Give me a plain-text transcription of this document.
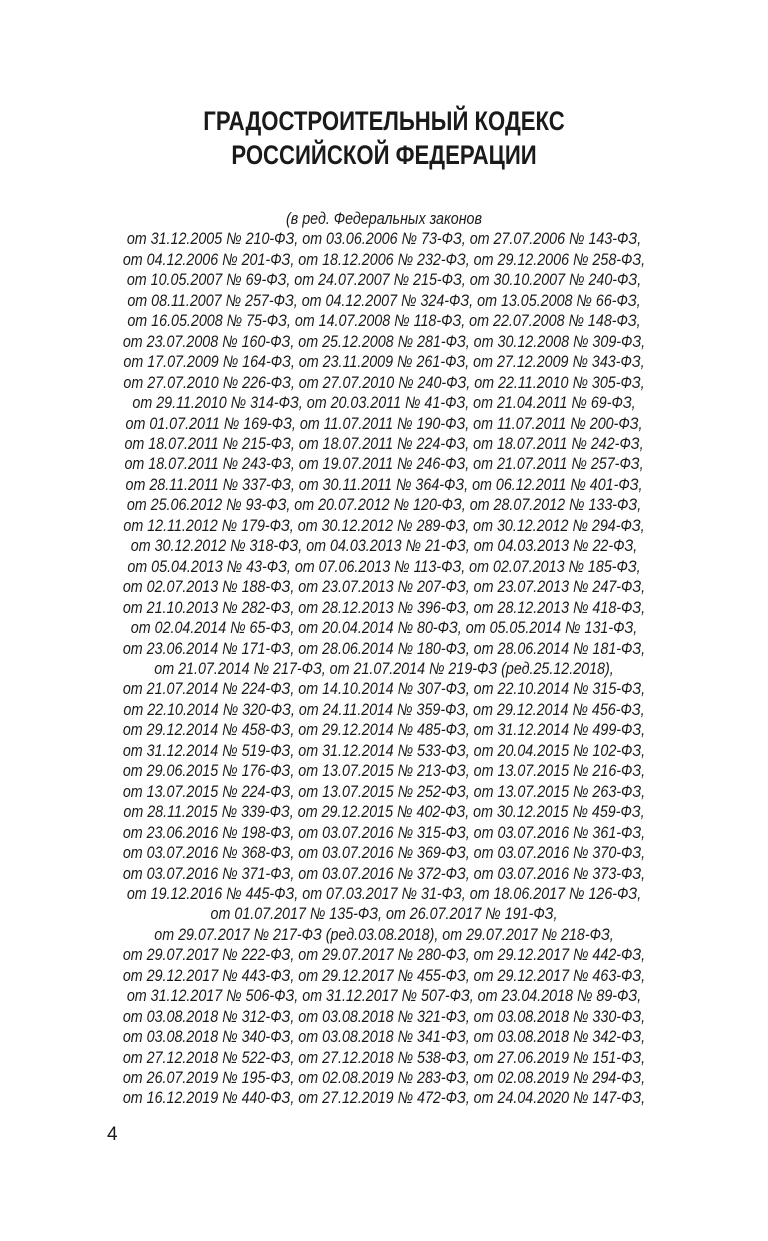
ГРАДОСТРОИТЕЛЬНЫЙ КОДЕКС
РОССИЙСКОЙ ФЕДЕРАЦИИ
(в ред. Федеральных законов
от 31.12.2005 № 210-ФЗ, от 03.06.2006 № 73-ФЗ, от 27.07.2006 № 143-ФЗ,
от 04.12.2006 № 201-ФЗ, от 18.12.2006 № 232-ФЗ, от 29.12.2006 № 258-ФЗ,
от 10.05.2007 № 69-ФЗ, от 24.07.2007 № 215-ФЗ, от 30.10.2007 № 240-ФЗ,
от 08.11.2007 № 257-ФЗ, от 04.12.2007 № 324-ФЗ, от 13.05.2008 № 66-ФЗ,
от 16.05.2008 № 75-ФЗ, от 14.07.2008 № 118-ФЗ, от 22.07.2008 № 148-ФЗ,
от 23.07.2008 № 160-ФЗ, от 25.12.2008 № 281-ФЗ, от 30.12.2008 № 309-ФЗ,
от 17.07.2009 № 164-ФЗ, от 23.11.2009 № 261-ФЗ, от 27.12.2009 № 343-ФЗ,
от 27.07.2010 № 226-ФЗ, от 27.07.2010 № 240-ФЗ, от 22.11.2010 № 305-ФЗ,
от 29.11.2010 № 314-ФЗ, от 20.03.2011 № 41-ФЗ, от 21.04.2011 № 69-ФЗ,
от 01.07.2011 № 169-ФЗ, от 11.07.2011 № 190-ФЗ, от 11.07.2011 № 200-ФЗ,
от 18.07.2011 № 215-ФЗ, от 18.07.2011 № 224-ФЗ, от 18.07.2011 № 242-ФЗ,
от 18.07.2011 № 243-ФЗ, от 19.07.2011 № 246-ФЗ, от 21.07.2011 № 257-ФЗ,
от 28.11.2011 № 337-ФЗ, от 30.11.2011 № 364-ФЗ, от 06.12.2011 № 401-ФЗ,
от 25.06.2012 № 93-ФЗ, от 20.07.2012 № 120-ФЗ, от 28.07.2012 № 133-ФЗ,
от 12.11.2012 № 179-ФЗ, от 30.12.2012 № 289-ФЗ, от 30.12.2012 № 294-ФЗ,
от 30.12.2012 № 318-ФЗ, от 04.03.2013 № 21-ФЗ, от 04.03.2013 № 22-ФЗ,
от 05.04.2013 № 43-ФЗ, от 07.06.2013 № 113-ФЗ, от 02.07.2013 № 185-ФЗ,
от 02.07.2013 № 188-ФЗ, от 23.07.2013 № 207-ФЗ, от 23.07.2013 № 247-ФЗ,
от 21.10.2013 № 282-ФЗ, от 28.12.2013 № 396-ФЗ, от 28.12.2013 № 418-ФЗ,
от 02.04.2014 № 65-ФЗ, от 20.04.2014 № 80-ФЗ, от 05.05.2014 № 131-ФЗ,
от 23.06.2014 № 171-ФЗ, от 28.06.2014 № 180-ФЗ, от 28.06.2014 № 181-ФЗ,
от 21.07.2014 № 217-ФЗ, от 21.07.2014 № 219-ФЗ (ред.25.12.2018),
от 21.07.2014 № 224-ФЗ, от 14.10.2014 № 307-ФЗ, от 22.10.2014 № 315-ФЗ,
от 22.10.2014 № 320-ФЗ, от 24.11.2014 № 359-ФЗ, от 29.12.2014 № 456-ФЗ,
от 29.12.2014 № 458-ФЗ, от 29.12.2014 № 485-ФЗ, от 31.12.2014 № 499-ФЗ,
от 31.12.2014 № 519-ФЗ, от 31.12.2014 № 533-ФЗ, от 20.04.2015 № 102-ФЗ,
от 29.06.2015 № 176-ФЗ, от 13.07.2015 № 213-ФЗ, от 13.07.2015 № 216-ФЗ,
от 13.07.2015 № 224-ФЗ, от 13.07.2015 № 252-ФЗ, от 13.07.2015 № 263-ФЗ,
от 28.11.2015 № 339-ФЗ, от 29.12.2015 № 402-ФЗ, от 30.12.2015 № 459-ФЗ,
от 23.06.2016 № 198-ФЗ, от 03.07.2016 № 315-ФЗ, от 03.07.2016 № 361-ФЗ,
от 03.07.2016 № 368-ФЗ, от 03.07.2016 № 369-ФЗ, от 03.07.2016 № 370-ФЗ,
от 03.07.2016 № 371-ФЗ, от 03.07.2016 № 372-ФЗ, от 03.07.2016 № 373-ФЗ,
от 19.12.2016 № 445-ФЗ, от 07.03.2017 № 31-ФЗ, от 18.06.2017 № 126-ФЗ,
от 01.07.2017 № 135-ФЗ, от 26.07.2017 № 191-ФЗ,
от 29.07.2017 № 217-ФЗ (ред.03.08.2018), от 29.07.2017 № 218-ФЗ,
от 29.07.2017 № 222-ФЗ, от 29.07.2017 № 280-ФЗ, от 29.12.2017 № 442-ФЗ,
от 29.12.2017 № 443-ФЗ, от 29.12.2017 № 455-ФЗ, от 29.12.2017 № 463-ФЗ,
от 31.12.2017 № 506-ФЗ, от 31.12.2017 № 507-ФЗ, от 23.04.2018 № 89-ФЗ,
от 03.08.2018 № 312-ФЗ, от 03.08.2018 № 321-ФЗ, от 03.08.2018 № 330-ФЗ,
от 03.08.2018 № 340-ФЗ, от 03.08.2018 № 341-ФЗ, от 03.08.2018 № 342-ФЗ,
от 27.12.2018 № 522-ФЗ, от 27.12.2018 № 538-ФЗ, от 27.06.2019 № 151-ФЗ,
от 26.07.2019 № 195-ФЗ, от 02.08.2019 № 283-ФЗ, от 02.08.2019 № 294-ФЗ,
от 16.12.2019 № 440-ФЗ, от 27.12.2019 № 472-ФЗ, от 24.04.2020 № 147-ФЗ,
4
